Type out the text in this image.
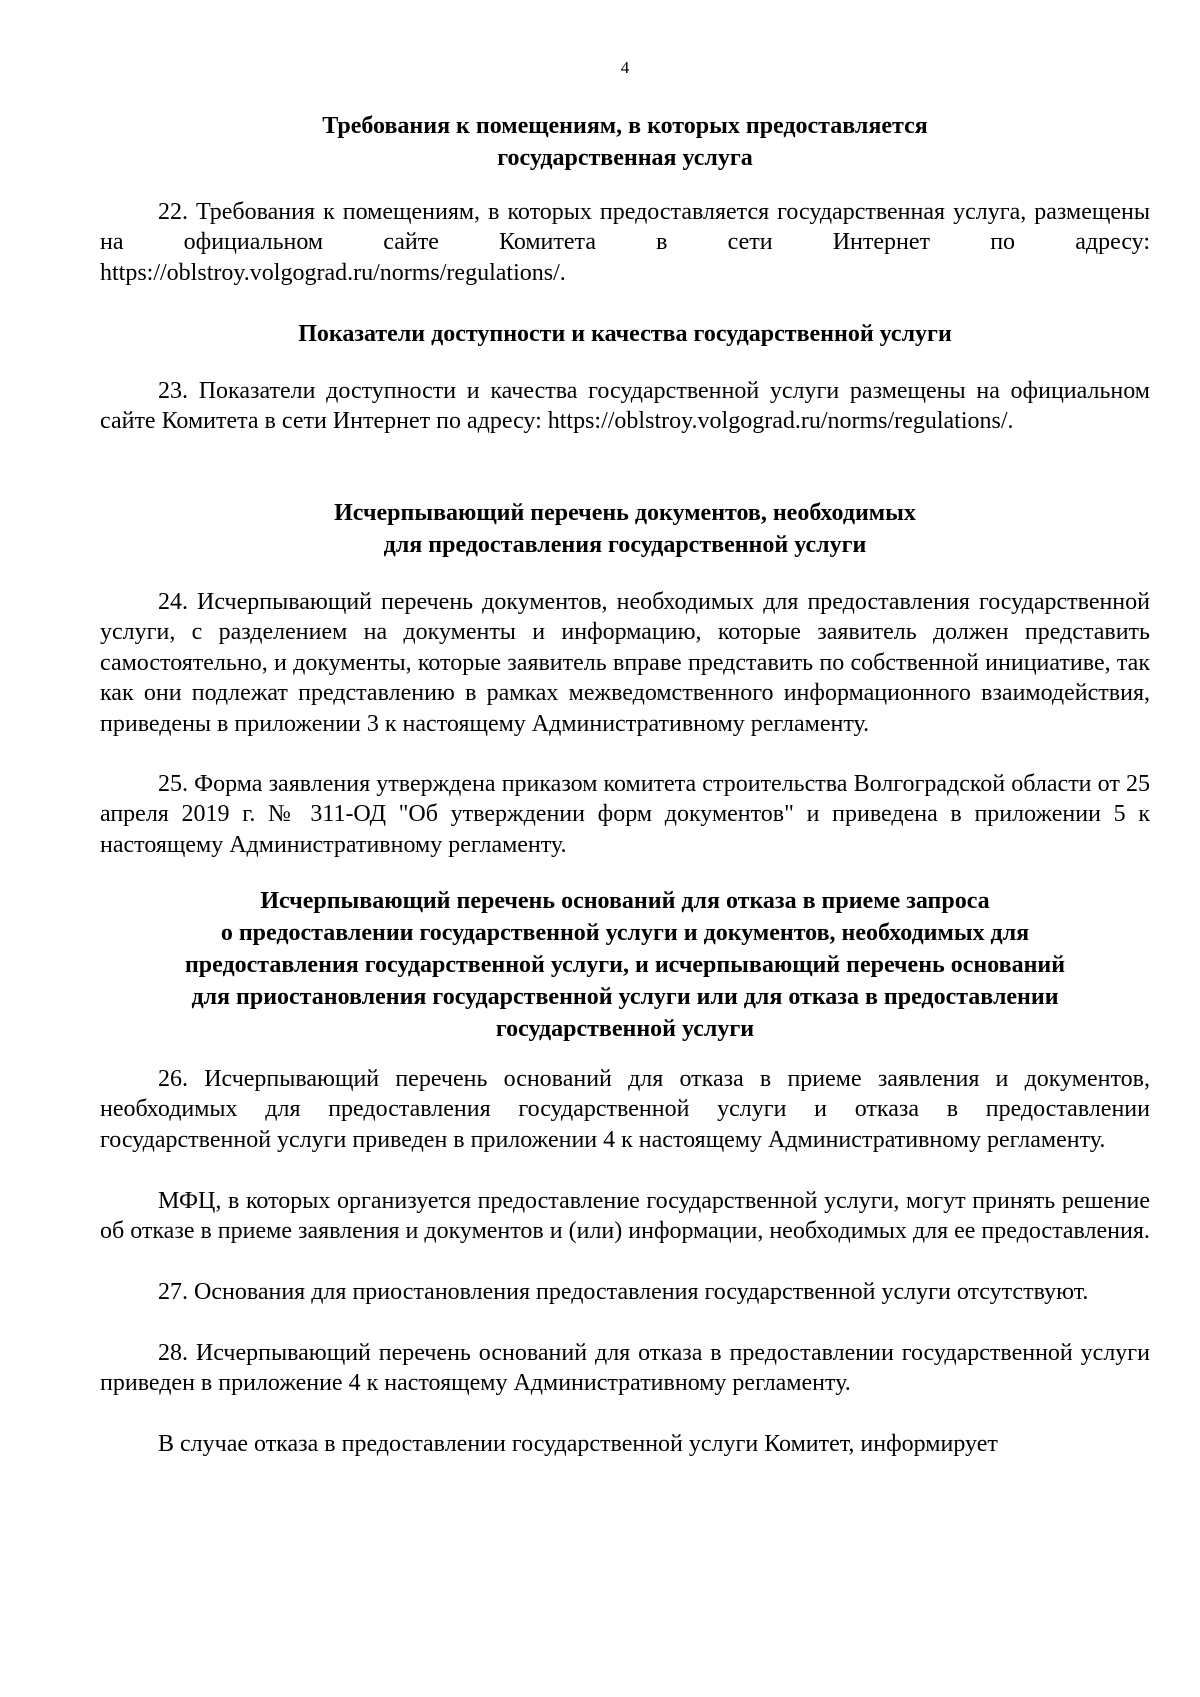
4
Требования к помещениям, в которых предоставляется
государственная услуга
22. Требования к помещениям, в которых предоставляется государственная услуга, размещены на официальном сайте Комитета в сети Интернет по адресу: https://oblstroy.volgograd.ru/norms/regulations/.
Показатели доступности и качества государственной услуги
23. Показатели доступности и качества государственной услуги размещены на официальном сайте Комитета в сети Интернет по адресу: https://oblstroy.volgograd.ru/norms/regulations/.
Исчерпывающий перечень документов, необходимых
для предоставления государственной услуги
24. Исчерпывающий перечень документов, необходимых для предоставления государственной услуги, с разделением на документы и информацию, которые заявитель должен представить самостоятельно, и документы, которые заявитель вправе представить по собственной инициативе, так как они подлежат представлению в рамках межведомственного информационного взаимодействия, приведены в приложении 3 к настоящему Административному регламенту.
25. Форма заявления утверждена приказом комитета строительства Волгоградской области от 25 апреля 2019 г. № 311-ОД "Об утверждении форм документов" и приведена в приложении 5 к настоящему Административному регламенту.
Исчерпывающий перечень оснований для отказа в приеме запроса
о предоставлении государственной услуги и документов, необходимых для
предоставления государственной услуги, и исчерпывающий перечень оснований
для приостановления государственной услуги или для отказа в предоставлении
государственной услуги
26. Исчерпывающий перечень оснований для отказа в приеме заявления и документов, необходимых для предоставления государственной услуги и отказа в предоставлении государственной услуги приведен в приложении 4 к настоящему Административному регламенту.
МФЦ, в которых организуется предоставление государственной услуги, могут принять решение об отказе в приеме заявления и документов и (или) информации, необходимых для ее предоставления.
27. Основания для приостановления предоставления государственной услуги отсутствуют.
28. Исчерпывающий перечень оснований для отказа в предоставлении государственной услуги приведен в приложение 4 к настоящему Административному регламенту.
В случае отказа в предоставлении государственной услуги Комитет, информирует
